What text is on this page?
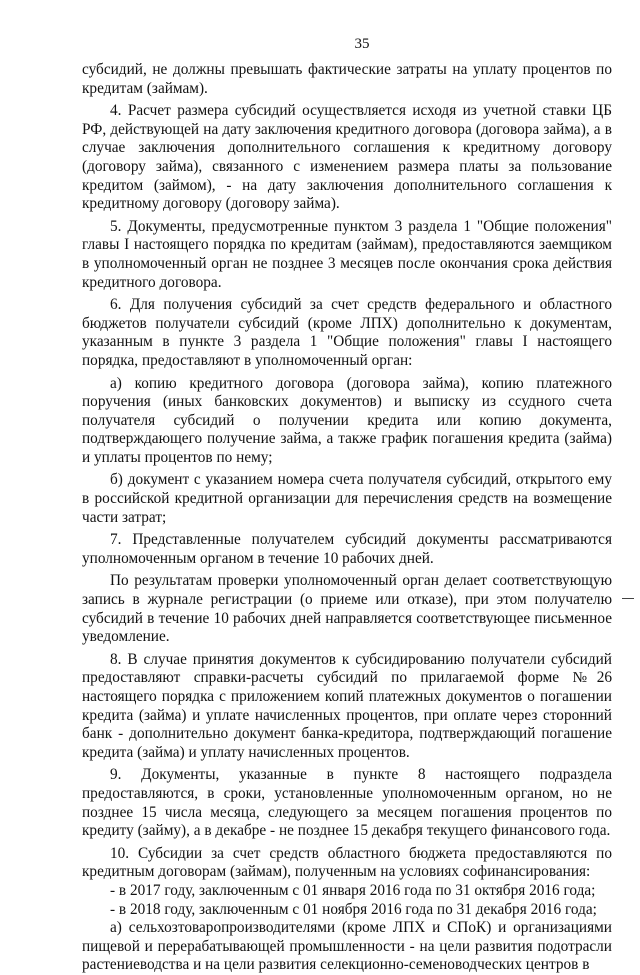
35

субсидий, не должны превышать фактические затраты на уплату процентов по кредитам (займам).

4. Расчет размера субсидий осуществляется исходя из учетной ставки ЦБ РФ, действующей на дату заключения кредитного договора (договора займа), а в случае заключения дополнительного соглашения к кредитному договору (договору займа), связанного с изменением размера платы за пользование кредитом (займом), - на дату заключения дополнительного соглашения к кредитному договору (договору займа).

5. Документы, предусмотренные пунктом 3 раздела 1 "Общие положения" главы I настоящего порядка по кредитам (займам), предоставляются заемщиком в уполномоченный орган не позднее 3 месяцев после окончания срока действия кредитного договора.

6. Для получения субсидий за счет средств федерального и областного бюджетов получатели субсидий (кроме ЛПХ) дополнительно к документам, указанным в пункте 3 раздела 1 "Общие положения" главы I настоящего порядка, предоставляют в уполномоченный орган:

а) копию кредитного договора (договора займа), копию платежного поручения (иных банковских документов) и выписку из ссудного счета получателя субсидий о получении кредита или копию документа, подтверждающего получение займа, а также график погашения кредита (займа) и уплаты процентов по нему;

б) документ с указанием номера счета получателя субсидий, открытого ему в российской кредитной организации для перечисления средств на возмещение части затрат;

7. Представленные получателем субсидий документы рассматриваются уполномоченным органом в течение 10 рабочих дней.

По результатам проверки уполномоченный орган делает соответствующую запись в журнале регистрации (о приеме или отказе), при этом получателю субсидий в течение 10 рабочих дней направляется соответствующее письменное уведомление.

8. В случае принятия документов к субсидированию получатели субсидий предоставляют справки-расчеты субсидий по прилагаемой форме №26 настоящего порядка с приложением копий платежных документов о погашении кредита (займа) и уплате начисленных процентов, при оплате через сторонний банк - дополнительно документ банка-кредитора, подтверждающий погашение кредита (займа) и уплату начисленных процентов.

9. Документы, указанные в пункте 8 настоящего подраздела предоставляются, в сроки, установленные уполномоченным органом, но не позднее 15 числа месяца, следующего за месяцем погашения процентов по кредиту (займу), а в декабре - не позднее 15 декабря текущего финансового года.

10. Субсидии за счет средств областного бюджета предоставляются по кредитным договорам (займам), полученным на условиях софинансирования:

- в 2017 году, заключенным с 01 января 2016 года по 31 октября 2016 года;

- в 2018 году, заключенным с 01 ноября 2016 года по 31 декабря 2016 года;

а) сельхозтоваропроизводителями (кроме ЛПХ и СПоК) и организациями пищевой и перерабатывающей промышленности - на цели развития подотрасли растениеводства и на цели развития селекционно-семеноводческих центров в
